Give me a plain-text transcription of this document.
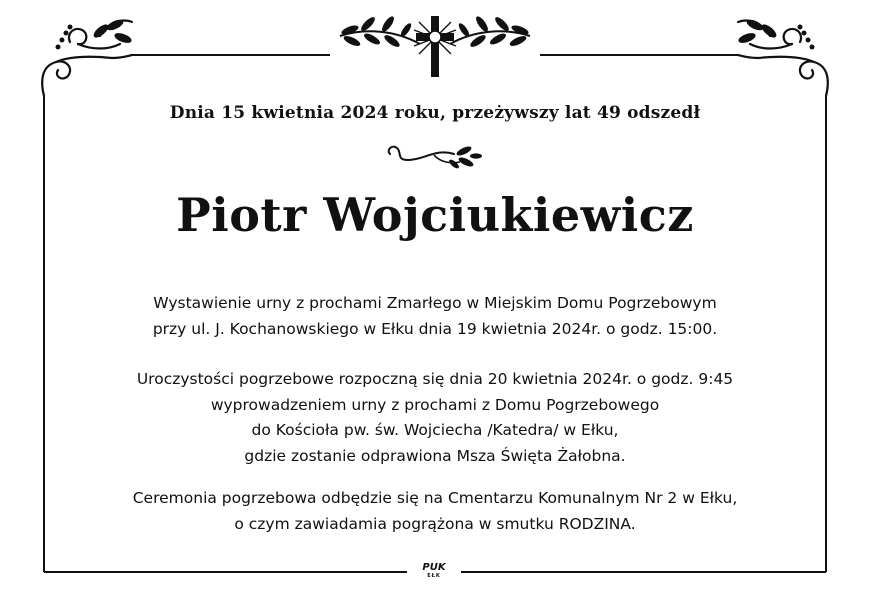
Dnia 15 kwietnia 2024 roku, przeżywszy lat 49 odszedł
Piotr Wojciukiewicz
Wystawienie urny z prochami Zmarłego w Miejskim Domu Pogrzebowym
przy ul. J. Kochanowskiego w Ełku dnia 19 kwietnia 2024r. o godz. 15:00.
Uroczystości pogrzebowe rozpoczną się dnia 20 kwietnia 2024r. o godz. 9:45
wyprowadzeniem urny z prochami z Domu Pogrzebowego
do Kościoła pw. św. Wojciecha /Katedra/ w Ełku,
gdzie zostanie odprawiona Msza Święta Żałobna.
Ceremonia pogrzebowa odbędzie się na Cmentarzu Komunalnym Nr 2 w Ełku,
o czym zawiadamia pogrążona w smutku RODZINA.
PUK
EŁK
